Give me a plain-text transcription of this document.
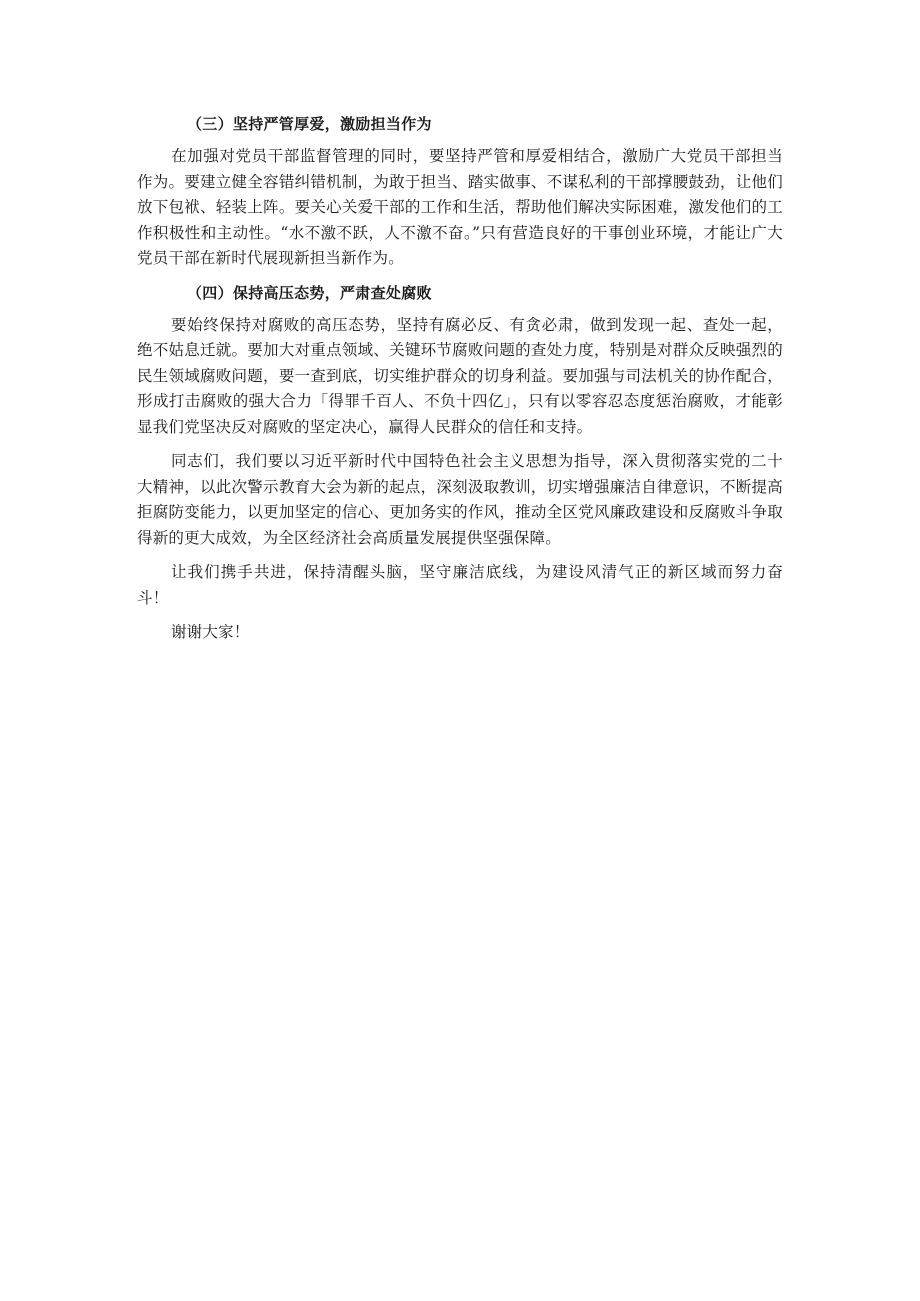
（三）坚持严管厚爱，激励担当作为

在加强对党员干部监督管理的同时，要坚持严管和厚爱相结合，激励广大党员干部担当作为。要建立健全容错纠错机制，为敢于担当、踏实做事、不谋私利的干部撑腰鼓劲，让他们放下包袱、轻装上阵。要关心关爱干部的工作和生活，帮助他们解决实际困难，激发他们的工作积极性和主动性。“水不激不跃，人不激不奋。”只有营造良好的干事创业环境，才能让广大党员干部在新时代展现新担当新作为。

（四）保持高压态势，严肃查处腐败

要始终保持对腐败的高压态势，坚持有腐必反、有贪必肃，做到发现一起、查处一起，绝不姑息迁就。要加大对重点领域、关键环节腐败问题的查处力度，特别是对群众反映强烈的民生领域腐败问题，要一查到底，切实维护群众的切身利益。要加强与司法机关的协作配合，形成打击腐败的强大合力「得罪千百人、不负十四亿」，只有以零容忍态度惩治腐败，才能彰显我们党坚决反对腐败的坚定决心，赢得人民群众的信任和支持。

同志们，我们要以习近平新时代中国特色社会主义思想为指导，深入贯彻落实党的二十大精神，以此次警示教育大会为新的起点，深刻汲取教训，切实增强廉洁自律意识，不断提高拒腐防变能力，以更加坚定的信心、更加务实的作风，推动全区党风廉政建设和反腐败斗争取得新的更大成效，为全区经济社会高质量发展提供坚强保障。

让我们携手共进，保持清醒头脑，坚守廉洁底线，为建设风清气正的新区域而努力奋斗！

谢谢大家！
